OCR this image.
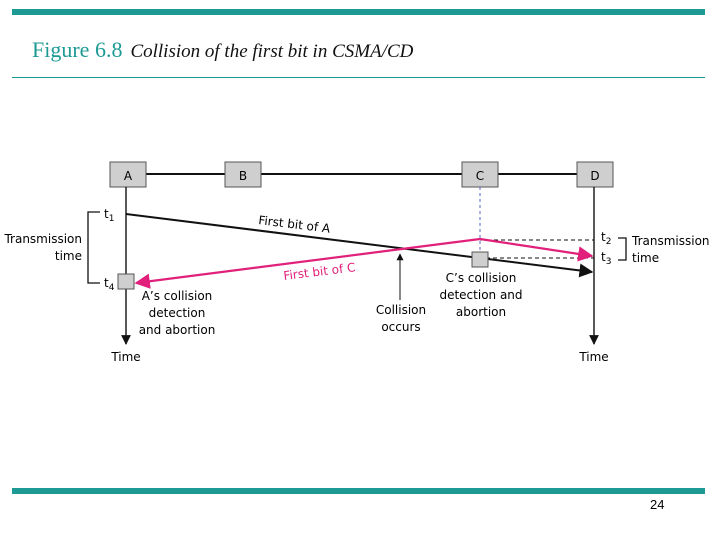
Figure 6.8 Collision of the first bit in CSMA/CD
A	B	C	D
$t_1$
$t_4$
$t_2$
$t_3$
Transmission
time
Transmission
time
First bit of A
First bit of C
Collision
occurs
C’s collision
detection and
abortion
A’s collision
detection
and abortion
Time	Time
24
